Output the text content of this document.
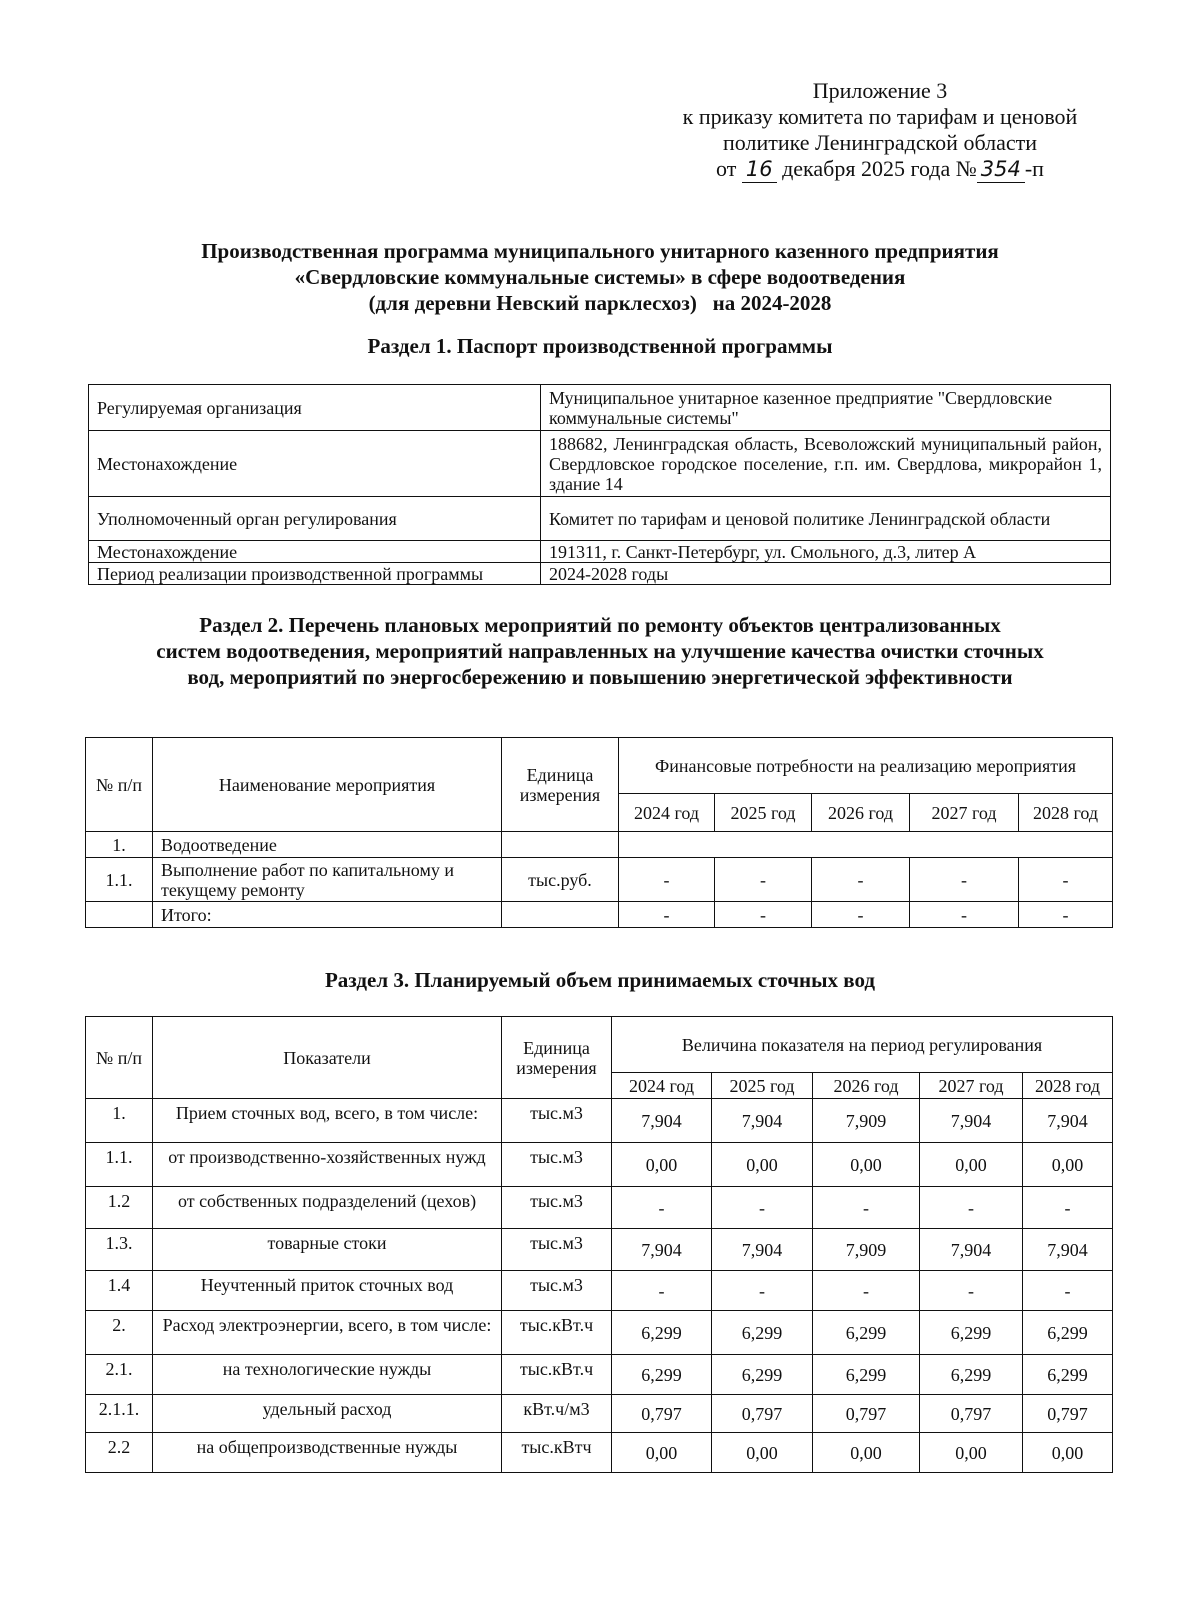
Приложение 3
к приказу комитета по тарифам и ценовой
политике Ленинградской области
от 16 декабря 2025 года № 354 -п
Производственная программа муниципального унитарного казенного предприятия
«Свердловские коммунальные системы» в сфере водоотведения
(для деревни Невский парклесхоз)   на 2024-2028
Раздел 1. Паспорт производственной программы
Регулируемая организация	Муниципальное унитарное казенное предприятие "Свердловские коммунальные системы"
Местонахождение	188682, Ленинградская область, Всеволожский муниципальный район, Свердловское городское поселение, г.п. им. Свердлова, микрорайон 1, здание 14
Уполномоченный орган регулирования	Комитет по тарифам и ценовой политике Ленинградской области
Местонахождение	191311, г. Санкт-Петербург, ул. Смольного, д.3, литер А
Период реализации производственной программы	2024-2028 годы
Раздел 2. Перечень плановых мероприятий по ремонту объектов централизованных
систем водоотведения, мероприятий направленных на улучшение качества очистки сточных
вод, мероприятий по энергосбережению и повышению энергетической эффективности
№ п/п	Наименование мероприятия	Единица измерения	Финансовые потребности на реализацию мероприятия				
			2024 год	2025 год	2026 год	2027 год	2028 год
1.	Водоотведение						
1.1.	Выполнение работ по капитальному и текущему ремонту	тыс.руб.	-	-	-	-	-
	Итого:		-	-	-	-	-
Раздел 3. Планируемый объем принимаемых сточных вод
№ п/п	Показатели	Единица измерения	Величина показателя на период регулирования				
			2024 год	2025 год	2026 год	2027 год	2028 год
1.	Прием сточных вод, всего, в том числе:	тыс.м3	7,904	7,904	7,909	7,904	7,904
1.1.	от производственно-хозяйственных нужд	тыс.м3	0,00	0,00	0,00	0,00	0,00
1.2	от собственных подразделений (цехов)	тыс.м3	-	-	-	-	-
1.3.	товарные стоки	тыс.м3	7,904	7,904	7,909	7,904	7,904
1.4	Неучтенный приток сточных вод	тыс.м3	-	-	-	-	-
2.	Расход электроэнергии, всего, в том числе:	тыс.кВт.ч	6,299	6,299	6,299	6,299	6,299
2.1.	на технологические нужды	тыс.кВт.ч	6,299	6,299	6,299	6,299	6,299
2.1.1.	удельный расход	кВт.ч/м3	0,797	0,797	0,797	0,797	0,797
2.2	на общепроизводственные нужды	тыс.кВтч	0,00	0,00	0,00	0,00	0,00
